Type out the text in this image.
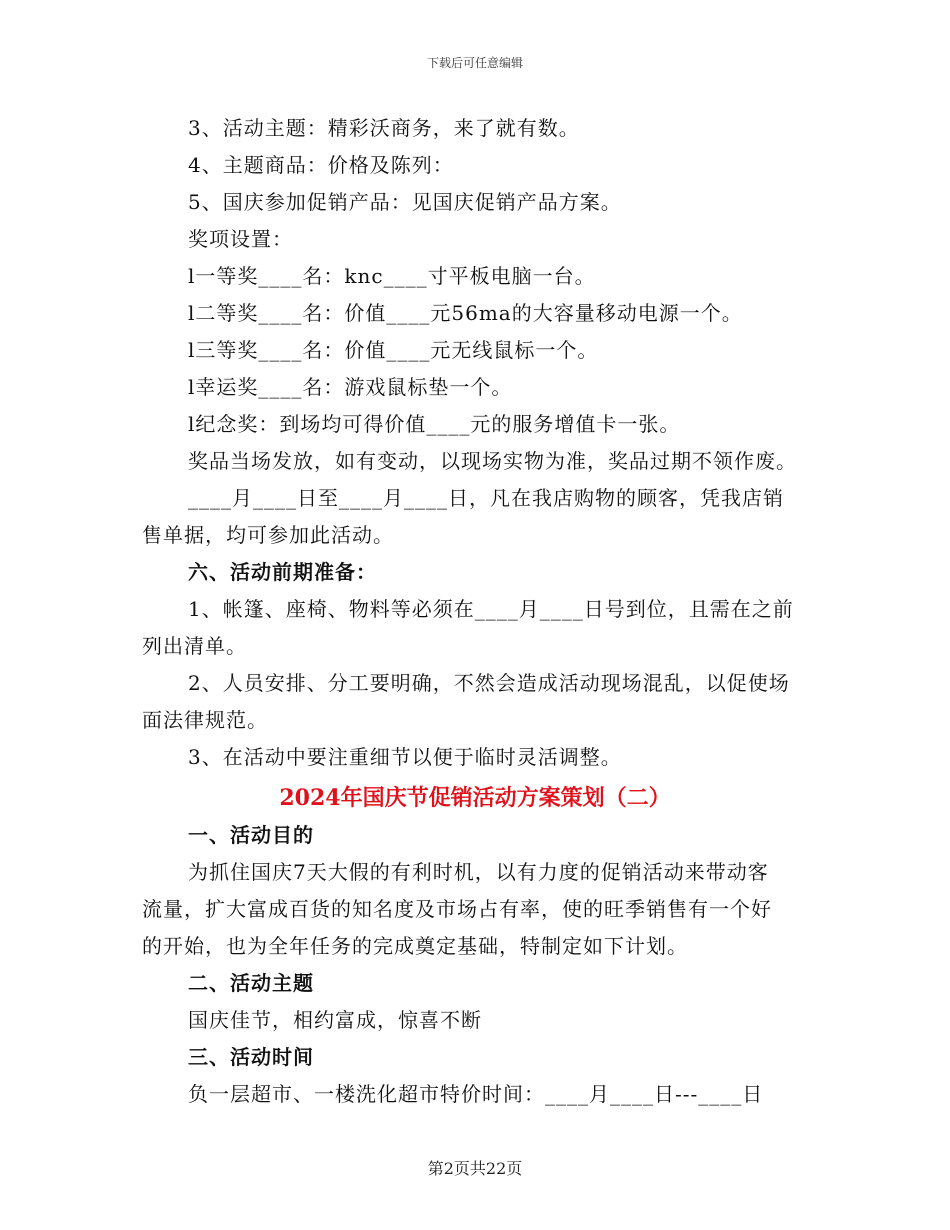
下载后可任意编辑
3、活动主题：精彩沃商务，来了就有数。
4、主题商品：价格及陈列：
5、国庆参加促销产品：见国庆促销产品方案。
奖项设置：
l一等奖____名：knc____寸平板电脑一台。
l二等奖____名：价值____元56ma的大容量移动电源一个。
l三等奖____名：价值____元无线鼠标一个。
l幸运奖____名：游戏鼠标垫一个。
l纪念奖：到场均可得价值____元的服务增值卡一张。
奖品当场发放，如有变动，以现场实物为准，奖品过期不领作废。
____月____日至____月____日，凡在我店购物的顾客，凭我店销
售单据，均可参加此活动。
六、活动前期准备：
1、帐篷、座椅、物料等必须在____月____日号到位，且需在之前
列出清单。
2、人员安排、分工要明确，不然会造成活动现场混乱，以促使场
面法律规范。
3、在活动中要注重细节以便于临时灵活调整。
2024年国庆节促销活动方案策划（二）
一、活动目的
为抓住国庆7天大假的有利时机，以有力度的促销活动来带动客
流量，扩大富成百货的知名度及市场占有率，使的旺季销售有一个好
的开始，也为全年任务的完成奠定基础，特制定如下计划。
二、活动主题
国庆佳节，相约富成，惊喜不断
三、活动时间
负一层超市、一楼洗化超市特价时间：____月____日---____日
第2页共22页
